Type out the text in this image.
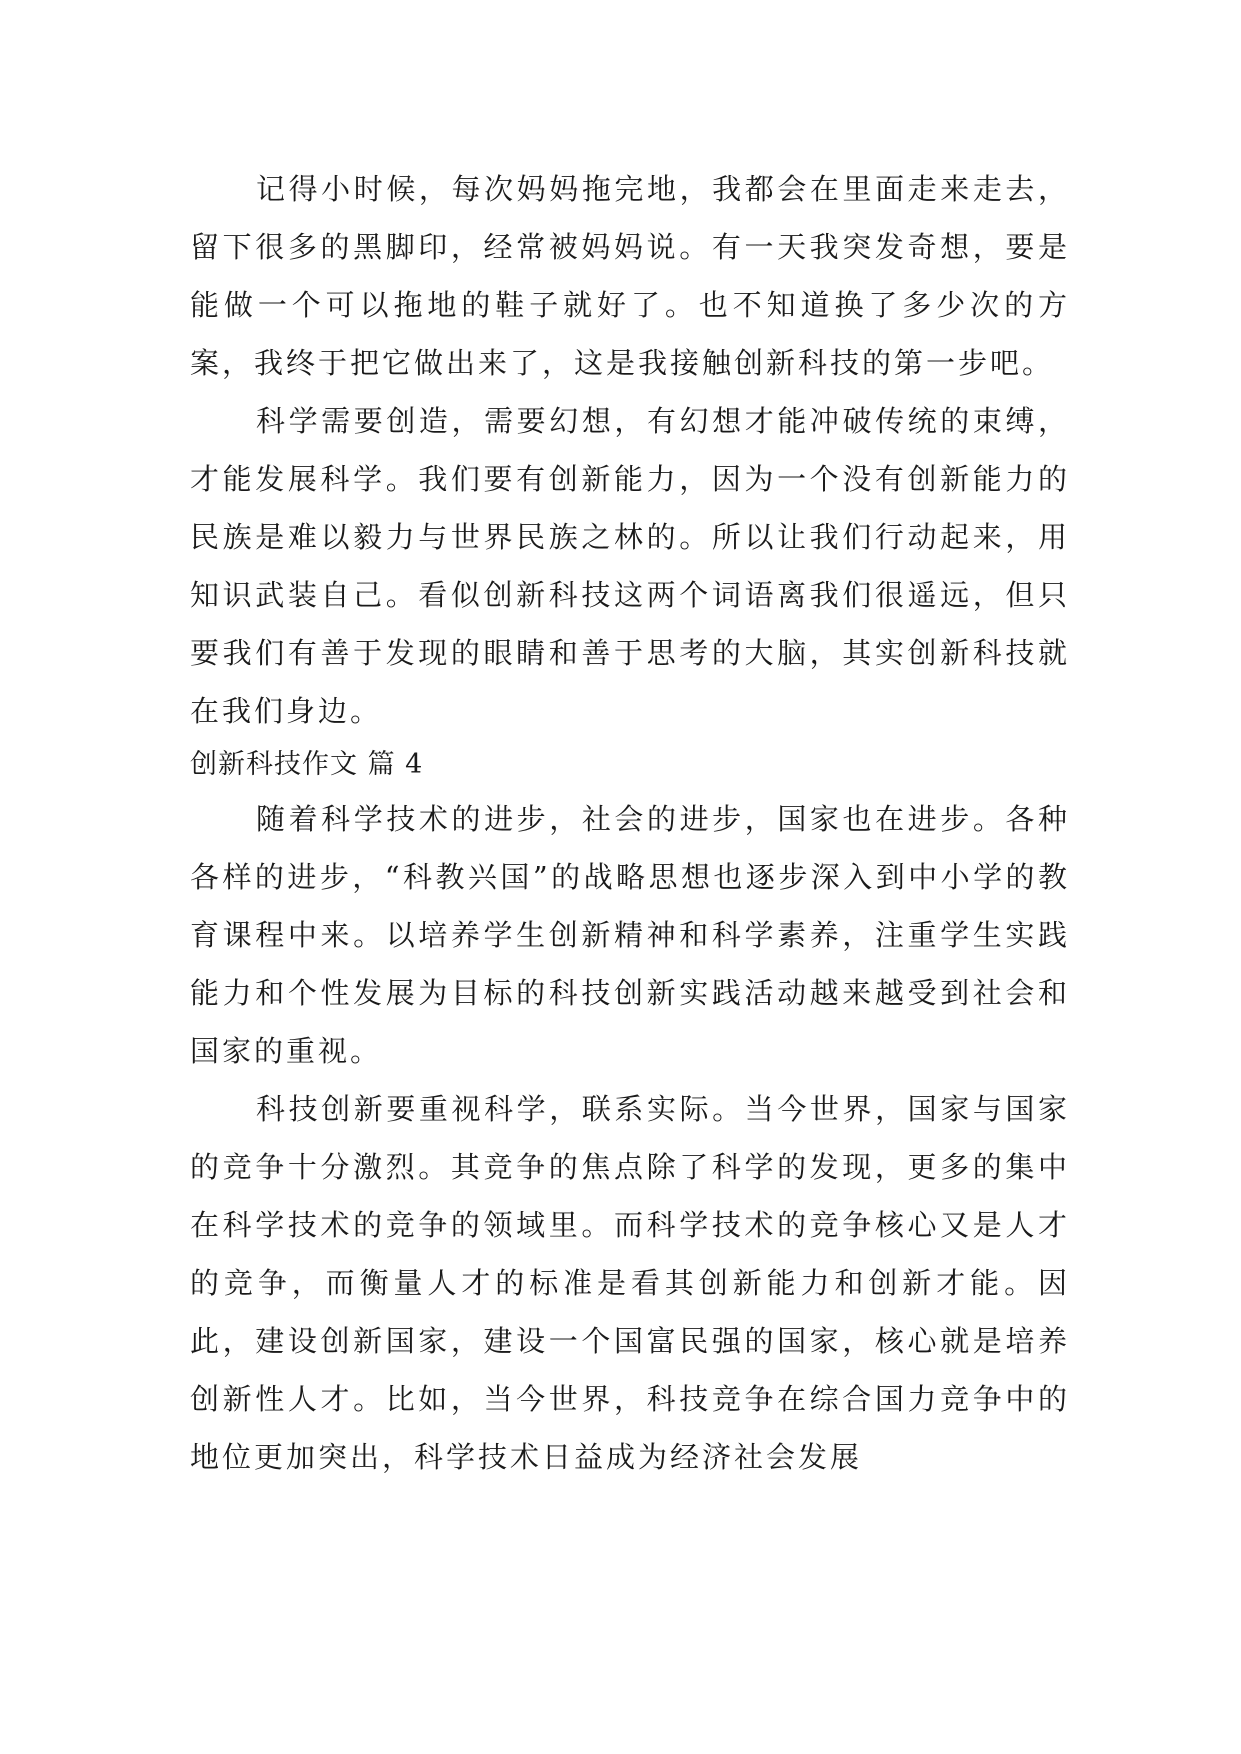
记得小时候，每次妈妈拖完地，我都会在里面走来走去，留下很多的黑脚印，经常被妈妈说。有一天我突发奇想，要是能做一个可以拖地的鞋子就好了。也不知道换了多少次的方案，我终于把它做出来了，这是我接触创新科技的第一步吧。

科学需要创造，需要幻想，有幻想才能冲破传统的束缚，才能发展科学。我们要有创新能力，因为一个没有创新能力的民族是难以毅力与世界民族之林的。所以让我们行动起来，用知识武装自己。看似创新科技这两个词语离我们很遥远，但只要我们有善于发现的眼睛和善于思考的大脑，其实创新科技就在我们身边。

创新科技作文 篇 4

随着科学技术的进步，社会的进步，国家也在进步。各种各样的进步，“科教兴国”的战略思想也逐步深入到中小学的教育课程中来。以培养学生创新精神和科学素养，注重学生实践能力和个性发展为目标的科技创新实践活动越来越受到社会和国家的重视。

科技创新要重视科学，联系实际。当今世界，国家与国家的竞争十分激烈。其竞争的焦点除了科学的发现，更多的集中在科学技术的竞争的领域里。而科学技术的竞争核心又是人才的竞争，而衡量人才的标准是看其创新能力和创新才能。因此，建设创新国家，建设一个国富民强的国家，核心就是培养创新性人才。比如，当今世界，科技竞争在综合国力竞争中的地位更加突出，科学技术日益成为经济社会发展
